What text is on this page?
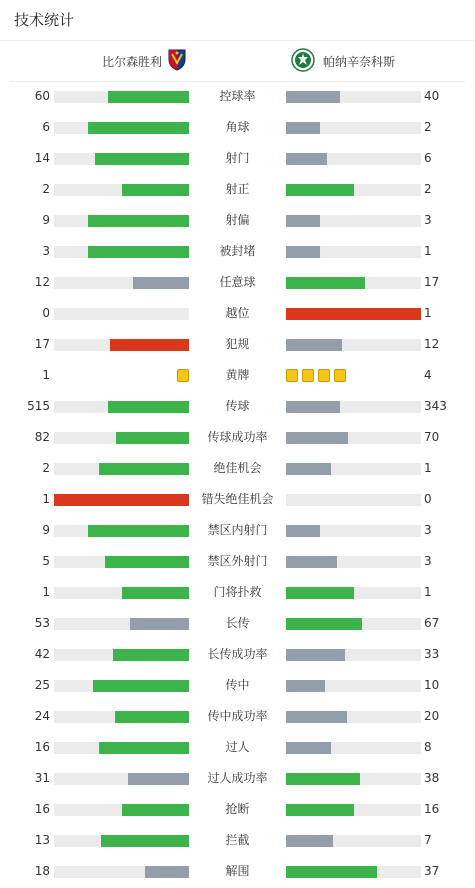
技术统计
比尔森胜利	帕纳辛奈科斯
60	控球率	40
6	角球	2
14	射门	6
2	射正	2
9	射偏	3
3	被封堵	1
12	任意球	17
0	越位	1
17	犯规	12
1	黄牌	4
515	传球	343
82	传球成功率	70
2	绝佳机会	1
1	错失绝佳机会	0
9	禁区内射门	3
5	禁区外射门	3
1	门将扑救	1
53	长传	67
42	长传成功率	33
25	传中	10
24	传中成功率	20
16	过人	8
31	过人成功率	38
16	抢断	16
13	拦截	7
18	解围	37
